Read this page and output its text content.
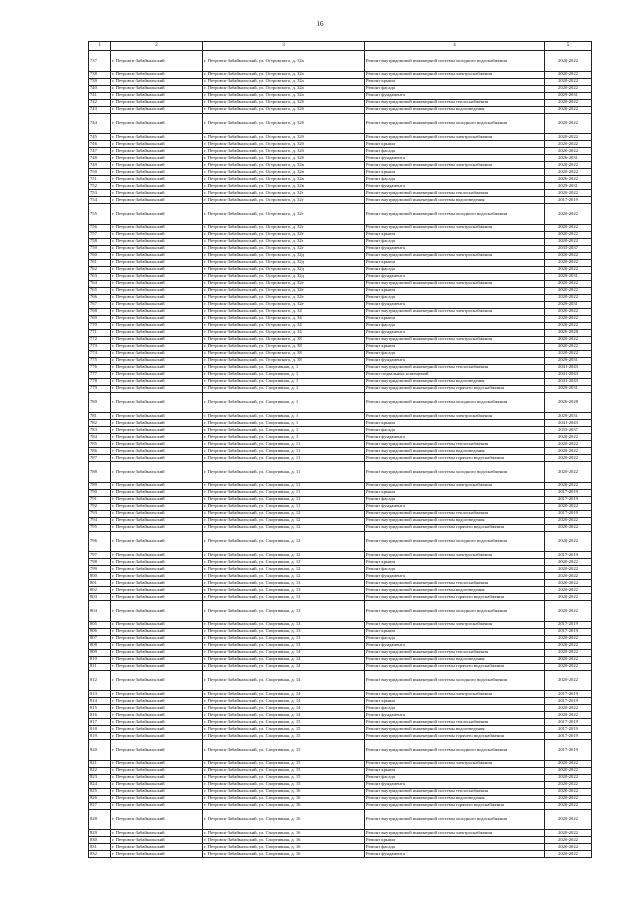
16
1	2	3	4	5
737	г. Петровск-Забайкальский	г. Петровск-Забайкальский, ул. Островского, д. 32а	Ремонт внутридомовой инженерной системы холодного водоснабжения	2020-2022
738	г. Петровск-Забайкальский	г. Петровск-Забайкальский, ул. Островского, д. 32а	Ремонт внутридомовой инженерной системы электроснабжения	2020-2022
739	г. Петровск-Забайкальский	г. Петровск-Забайкальский, ул. Островского, д. 32а	Ремонт крыши	2020-2022
740	г. Петровск-Забайкальский	г. Петровск-Забайкальский, ул. Островского, д. 32а	Ремонт фасада	2020-2022
741	г. Петровск-Забайкальский	г. Петровск-Забайкальский, ул. Островского, д. 32а	Ремонт фундамента	2029-2031
742	г. Петровск-Забайкальский	г. Петровск-Забайкальский, ул. Островского, д. 32б	Ремонт внутридомовой инженерной системы теплоснабжения	2020-2022
743	г. Петровск-Забайкальский	г. Петровск-Забайкальский, ул. Островского, д. 32б	Ремонт внутридомовой инженерной системы водоотведения	2020-2022
744	г. Петровск-Забайкальский	г. Петровск-Забайкальский, ул. Островского, д. 32б	Ремонт внутридомовой инженерной системы холодного водоснабжения	2020-2022
745	г. Петровск-Забайкальский	г. Петровск-Забайкальский, ул. Островского, д. 32б	Ремонт внутридомовой инженерной системы электроснабжения	2020-2022
746	г. Петровск-Забайкальский	г. Петровск-Забайкальский, ул. Островского, д. 32б	Ремонт крыши	2020-2022
747	г. Петровск-Забайкальский	г. Петровск-Забайкальский, ул. Островского, д. 32б	Ремонт фасада	2020-2022
748	г. Петровск-Забайкальский	г. Петровск-Забайкальский, ул. Островского, д. 32б	Ремонт фундамента	2026-2031
749	г. Петровск-Забайкальский	г. Петровск-Забайкальский, ул. Островского, д. 32в	Ремонт внутридомовой инженерной системы электроснабжения	2020-2022
750	г. Петровск-Забайкальский	г. Петровск-Забайкальский, ул. Островского, д. 32в	Ремонт крыши	2020-2022
751	г. Петровск-Забайкальский	г. Петровск-Забайкальский, ул. Островского, д. 32в	Ремонт фасада	2026-2022
752	г. Петровск-Забайкальский	г. Петровск-Забайкальский, ул. Островского, д. 32в	Ремонт фундамента	2029-2031
753	г. Петровск-Забайкальский	г. Петровск-Забайкальский, ул. Островского, д. 32г	Ремонт внутридомовой инженерной системы теплоснабжения	2020-2022
754	г. Петровск-Забайкальский	г. Петровск-Забайкальский, ул. Островского, д. 32г	Ремонт внутридомовой инженерной системы водоотведения	2017-2019
755	г. Петровск-Забайкальский	г. Петровск-Забайкальский, ул. Островского, д. 32г	Ремонт внутридомовой инженерной системы холодного водоснабжения	2020-2022
756	г. Петровск-Забайкальский	г. Петровск-Забайкальский, ул. Островского, д. 32г	Ремонт внутридомовой инженерной системы электроснабжения	2020-2022
757	г. Петровск-Забайкальский	г. Петровск-Забайкальский, ул. Островского, д. 32г	Ремонт крыши	2020-2022
758	г. Петровск-Забайкальский	г. Петровск-Забайкальский, ул. Островского, д. 32г	Ремонт фасада	2020-2022
759	г. Петровск-Забайкальский	г. Петровск-Забайкальский, ул. Островского, д. 32г	Ремонт фундамента	2035-2037
760	г. Петровск-Забайкальский	г. Петровск-Забайкальский, ул. Островского, д. 32д	Ремонт внутридомовой инженерной системы электроснабжения	2020-2022
761	г. Петровск-Забайкальский	г. Петровск-Забайкальский, ул. Островского, д. 32д	Ремонт крыши	2020-2022
762	г. Петровск-Забайкальский	г. Петровск-Забайкальский, ул. Островского, д. 32д	Ремонт фасада	2020-2022
763	г. Петровск-Забайкальский	г. Петровск-Забайкальский, ул. Островского, д. 32д	Ремонт фундамента	2029-2031
764	г. Петровск-Забайкальский	г. Петровск-Забайкальский, ул. Островского, д. 32е	Ремонт внутридомовой инженерной системы электроснабжения	2020-2022
765	г. Петровск-Забайкальский	г. Петровск-Забайкальский, ул. Островского, д. 32е	Ремонт крыши	2020-2022
766	г. Петровск-Забайкальский	г. Петровск-Забайкальский, ул. Островского, д. 32е	Ремонт фасада	2020-2022
767	г. Петровск-Забайкальский	г. Петровск-Забайкальский, ул. Островского, д. 32е	Ремонт фундамента	2029-2031
768	г. Петровск-Забайкальский	г. Петровск-Забайкальский, ул. Островского, д. 34	Ремонт внутридомовой инженерной системы электроснабжения	2020-2022
769	г. Петровск-Забайкальский	г. Петровск-Забайкальский, ул. Островского, д. 34	Ремонт крыши	2020-2022
770	г. Петровск-Забайкальский	г. Петровск-Забайкальский, ул. Островского, д. 34	Ремонт фасада	2020-2022
771	г. Петровск-Забайкальский	г. Петровск-Забайкальский, ул. Островского, д. 34	Ремонт фундамента	2026-2028
772	г. Петровск-Забайкальский	г. Петровск-Забайкальский, ул. Островского, д. 38	Ремонт внутридомовой инженерной системы электроснабжения	2020-2022
773	г. Петровск-Забайкальский	г. Петровск-Забайкальский, ул. Островского, д. 38	Ремонт крыши	2020-2022
774	г. Петровск-Забайкальский	г. Петровск-Забайкальский, ул. Островского, д. 38	Ремонт фасада	2020-2022
775	г. Петровск-Забайкальский	г. Петровск-Забайкальский, ул. Островского, д. 38	Ремонт фундамента	2029-2031
776	г. Петровск-Забайкальский	г. Петровск-Забайкальский, ул. Спортивная, д. 1	Ремонт внутридомовой инженерной системы теплоснабжения	2041-2043
777	г. Петровск-Забайкальский	г. Петровск-Забайкальский, ул. Спортивная, д. 1	Ремонт подвальных помещений	2041-2043
778	г. Петровск-Забайкальский	г. Петровск-Забайкальский, ул. Спортивная, д. 1	Ремонт внутридомовой инженерной системы водоотведения	2041-2043
779	г. Петровск-Забайкальский	г. Петровск-Забайкальский, ул. Спортивная, д. 1	Ремонт внутридомовой инженерной системы горячего водоснабжения	2029-2031
780	г. Петровск-Забайкальский	г. Петровск-Забайкальский, ул. Спортивная, д. 1	Ремонт внутридомовой инженерной системы холодного водоснабжения	2026-2028
781	г. Петровск-Забайкальский	г. Петровск-Забайкальский, ул. Спортивная, д. 1	Ремонт внутридомовой инженерной системы электроснабжения	2029-2031
782	г. Петровск-Забайкальский	г. Петровск-Забайкальский, ул. Спортивная, д. 1	Ремонт крыши	2041-2043
783	г. Петровск-Забайкальский	г. Петровск-Забайкальский, ул. Спортивная, д. 1	Ремонт фасада	2035-2037
784	г. Петровск-Забайкальский	г. Петровск-Забайкальский, ул. Спортивная, д. 1	Ремонт фундамента	2020-2022
785	г. Петровск-Забайкальский	г. Петровск-Забайкальский, ул. Спортивная, д. 11	Ремонт внутридомовой инженерной системы теплоснабжения	2020-2022
786	г. Петровск-Забайкальский	г. Петровск-Забайкальский, ул. Спортивная, д. 11	Ремонт внутридомовой инженерной системы водоотведения	2020-2022
787	г. Петровск-Забайкальский	г. Петровск-Забайкальский, ул. Спортивная, д. 11	Ремонт внутридомовой инженерной системы горячего водоснабжения	2020-2022
788	г. Петровск-Забайкальский	г. Петровск-Забайкальский, ул. Спортивная, д. 11	Ремонт внутридомовой инженерной системы холодного водоснабжения	2020-2022
789	г. Петровск-Забайкальский	г. Петровск-Забайкальский, ул. Спортивная, д. 11	Ремонт внутридомовой инженерной системы электроснабжения	2020-2022
790	г. Петровск-Забайкальский	г. Петровск-Забайкальский, ул. Спортивная, д. 11	Ремонт крыши	2017-2019
791	г. Петровск-Забайкальский	г. Петровск-Забайкальский, ул. Спортивная, д. 11	Ремонт фасада	2017-2019
792	г. Петровск-Забайкальский	г. Петровск-Забайкальский, ул. Спортивная, д. 11	Ремонт фундамента	2020-2022
793	г. Петровск-Забайкальский	г. Петровск-Забайкальский, ул. Спортивная, д. 12	Ремонт внутридомовой инженерной системы теплоснабжения	2017-2019
794	г. Петровск-Забайкальский	г. Петровск-Забайкальский, ул. Спортивная, д. 12	Ремонт внутридомовой инженерной системы водоотведения	2020-2022
795	г. Петровск-Забайкальский	г. Петровск-Забайкальский, ул. Спортивная, д. 12	Ремонт внутридомовой инженерной системы горячего водоснабжения	2020-2022
796	г. Петровск-Забайкальский	г. Петровск-Забайкальский, ул. Спортивная, д. 12	Ремонт внутридомовой инженерной системы холодного водоснабжения	2020-2022
797	г. Петровск-Забайкальский	г. Петровск-Забайкальский, ул. Спортивная, д. 12	Ремонт внутридомовой инженерной системы электроснабжения	2017-2019
798	г. Петровск-Забайкальский	г. Петровск-Забайкальский, ул. Спортивная, д. 12	Ремонт крыши	2020-2022
799	г. Петровск-Забайкальский	г. Петровск-Забайкальский, ул. Спортивная, д. 12	Ремонт фасада	2020-2022
800	г. Петровск-Забайкальский	г. Петровск-Забайкальский, ул. Спортивная, д. 12	Ремонт фундамента	2020-2022
801	г. Петровск-Забайкальский	г. Петровск-Забайкальский, ул. Спортивная, д. 13	Ремонт внутридомовой инженерной системы теплоснабжения	2020-2022
802	г. Петровск-Забайкальский	г. Петровск-Забайкальский, ул. Спортивная, д. 13	Ремонт внутридомовой инженерной системы водоотведения	2020-2022
803	г. Петровск-Забайкальский	г. Петровск-Забайкальский, ул. Спортивная, д. 13	Ремонт внутридомовой инженерной системы горячего водоснабжения	2020-2022
804	г. Петровск-Забайкальский	г. Петровск-Забайкальский, ул. Спортивная, д. 13	Ремонт внутридомовой инженерной системы холодного водоснабжения	2020-2022
805	г. Петровск-Забайкальский	г. Петровск-Забайкальский, ул. Спортивная, д. 13	Ремонт внутридомовой инженерной системы электроснабжения	2017-2019
806	г. Петровск-Забайкальский	г. Петровск-Забайкальский, ул. Спортивная, д. 13	Ремонт крыши	2017-2019
807	г. Петровск-Забайкальский	г. Петровск-Забайкальский, ул. Спортивная, д. 13	Ремонт фасада	2020-2022
808	г. Петровск-Забайкальский	г. Петровск-Забайкальский, ул. Спортивная, д. 13	Ремонт фундамента	2020-2022
809	г. Петровск-Забайкальский	г. Петровск-Забайкальский, ул. Спортивная, д. 14	Ремонт внутридомовой инженерной системы теплоснабжения	2020-2022
810	г. Петровск-Забайкальский	г. Петровск-Забайкальский, ул. Спортивная, д. 14	Ремонт внутридомовой инженерной системы водоотведения	2020-2022
811	г. Петровск-Забайкальский	г. Петровск-Забайкальский, ул. Спортивная, д. 14	Ремонт внутридомовой инженерной системы горячего водоснабжения	2020-2022
812	г. Петровск-Забайкальский	г. Петровск-Забайкальский, ул. Спортивная, д. 14	Ремонт внутридомовой инженерной системы холодного водоснабжения	2020-2022
813	г. Петровск-Забайкальский	г. Петровск-Забайкальский, ул. Спортивная, д. 14	Ремонт внутридомовой инженерной системы электроснабжения	2017-2019
814	г. Петровск-Забайкальский	г. Петровск-Забайкальский, ул. Спортивная, д. 14	Ремонт крыши	2017-2019
815	г. Петровск-Забайкальский	г. Петровск-Забайкальский, ул. Спортивная, д. 14	Ремонт фасада	2020-2022
816	г. Петровск-Забайкальский	г. Петровск-Забайкальский, ул. Спортивная, д. 14	Ремонт фундамента	2020-2022
817	г. Петровск-Забайкальский	г. Петровск-Забайкальский, ул. Спортивная, д. 15	Ремонт внутридомовой инженерной системы теплоснабжения	2017-2019
818	г. Петровск-Забайкальский	г. Петровск-Забайкальский, ул. Спортивная, д. 15	Ремонт внутридомовой инженерной системы водоотведения	2017-2019
819	г. Петровск-Забайкальский	г. Петровск-Забайкальский, ул. Спортивная, д. 15	Ремонт внутридомовой инженерной системы горячего водоснабжения	2017-2019
820	г. Петровск-Забайкальский	г. Петровск-Забайкальский, ул. Спортивная, д. 15	Ремонт внутридомовой инженерной системы холодного водоснабжения	2017-2019
821	г. Петровск-Забайкальский	г. Петровск-Забайкальский, ул. Спортивная, д. 15	Ремонт внутридомовой инженерной системы электроснабжения	2020-2022
822	г. Петровск-Забайкальский	г. Петровск-Забайкальский, ул. Спортивная, д. 15	Ремонт крыши	2020-2022
823	г. Петровск-Забайкальский	г. Петровск-Забайкальский, ул. Спортивная, д. 15	Ремонт фасада	2020-2022
824	г. Петровск-Забайкальский	г. Петровск-Забайкальский, ул. Спортивная, д. 15	Ремонт фундамента	2020-2022
825	г. Петровск-Забайкальский	г. Петровск-Забайкальский, ул. Спортивная, д. 16	Ремонт внутридомовой инженерной системы теплоснабжения	2020-2022
826	г. Петровск-Забайкальский	г. Петровск-Забайкальский, ул. Спортивная, д. 16	Ремонт внутридомовой инженерной системы водоотведения	2020-2022
827	г. Петровск-Забайкальский	г. Петровск-Забайкальский, ул. Спортивная, д. 16	Ремонт внутридомовой инженерной системы горячего водоснабжения	2020-2022
828	г. Петровск-Забайкальский	г. Петровск-Забайкальский, ул. Спортивная, д. 16	Ремонт внутридомовой инженерной системы холодного водоснабжения	2020-2022
829	г. Петровск-Забайкальский	г. Петровск-Забайкальский, ул. Спортивная, д. 16	Ремонт внутридомовой инженерной системы электроснабжения	2020-2022
830	г. Петровск-Забайкальский	г. Петровск-Забайкальский, ул. Спортивная, д. 16	Ремонт крыши	2020-2022
831	г. Петровск-Забайкальский	г. Петровск-Забайкальский, ул. Спортивная, д. 16	Ремонт фасада	2020-2022
832	г. Петровск-Забайкальский	г. Петровск-Забайкальский, ул. Спортивная, д. 16	Ремонт фундамента	2020-2022
